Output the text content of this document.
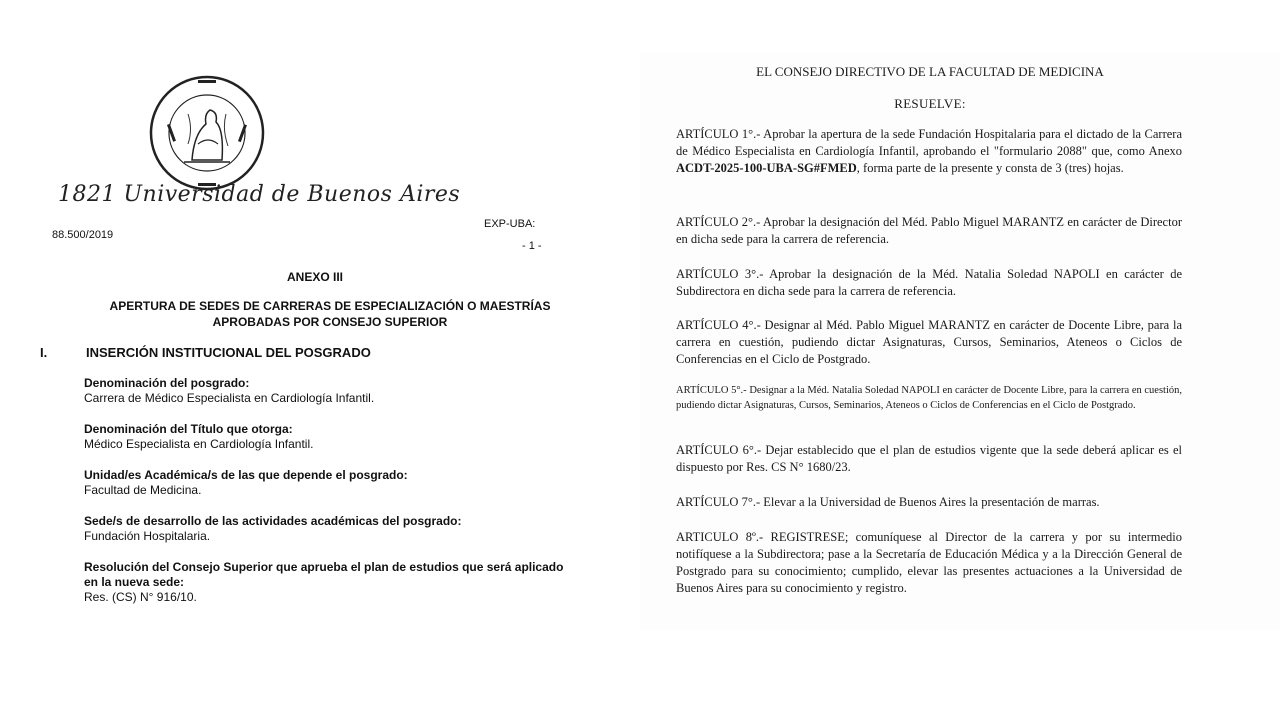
1821 Universidad de Buenos Aires
88.500/2019
EXP-UBA:
- 1 -
ANEXO III
APERTURA DE SEDES DE CARRERAS DE ESPECIALIZACIÓN O MAESTRÍAS APROBADAS POR CONSEJO SUPERIOR
I.	INSERCIÓN INSTITUCIONAL DEL POSGRADO
Denominación del posgrado:
Carrera de Médico Especialista en Cardiología Infantil.
Denominación del Título que otorga:
Médico Especialista en Cardiología Infantil.
Unidad/es Académica/s de las que depende el posgrado:
Facultad de Medicina.
Sede/s de desarrollo de las actividades académicas del posgrado:
Fundación Hospitalaria.
Resolución del Consejo Superior que aprueba el plan de estudios que será aplicado en la nueva sede:
Res. (CS) N° 916/10.
EL CONSEJO DIRECTIVO DE LA FACULTAD DE MEDICINA
RESUELVE:
ARTÍCULO 1°.- Aprobar la apertura de la sede Fundación Hospitalaria para el dictado de la Carrera de Médico Especialista en Cardiología Infantil, aprobando el "formulario 2088" que, como Anexo ACDT-2025-100-UBA-SG#FMED, forma parte de la presente y consta de 3 (tres) hojas.
ARTÍCULO 2°.- Aprobar la designación del Méd. Pablo Miguel MARANTZ en carácter de Director en dicha sede para la carrera de referencia.
ARTÍCULO 3°.- Aprobar la designación de la Méd. Natalia Soledad NAPOLI en carácter de Subdirectora en dicha sede para la carrera de referencia.
ARTÍCULO 4°.- Designar al Méd. Pablo Miguel MARANTZ en carácter de Docente Libre, para la carrera en cuestión, pudiendo dictar Asignaturas, Cursos, Seminarios, Ateneos o Ciclos de Conferencias en el Ciclo de Postgrado.
ARTÍCULO 5°.- Designar a la Méd. Natalia Soledad NAPOLI en carácter de Docente Libre, para la carrera en cuestión, pudiendo dictar Asignaturas, Cursos, Seminarios, Ateneos o Ciclos de Conferencias en el Ciclo de Postgrado.
ARTÍCULO 6°.- Dejar establecido que el plan de estudios vigente que la sede deberá aplicar es el dispuesto por Res. CS N° 1680/23.
ARTÍCULO 7°.- Elevar a la Universidad de Buenos Aires la presentación de marras.
ARTICULO 8º.- REGISTRESE; comuníquese al Director de la carrera y por su intermedio notifíquese a la Subdirectora; pase a la Secretaría de Educación Médica y a la Dirección General de Postgrado para su conocimiento; cumplido, elevar las presentes actuaciones a la Universidad de Buenos Aires para su conocimiento y registro.
